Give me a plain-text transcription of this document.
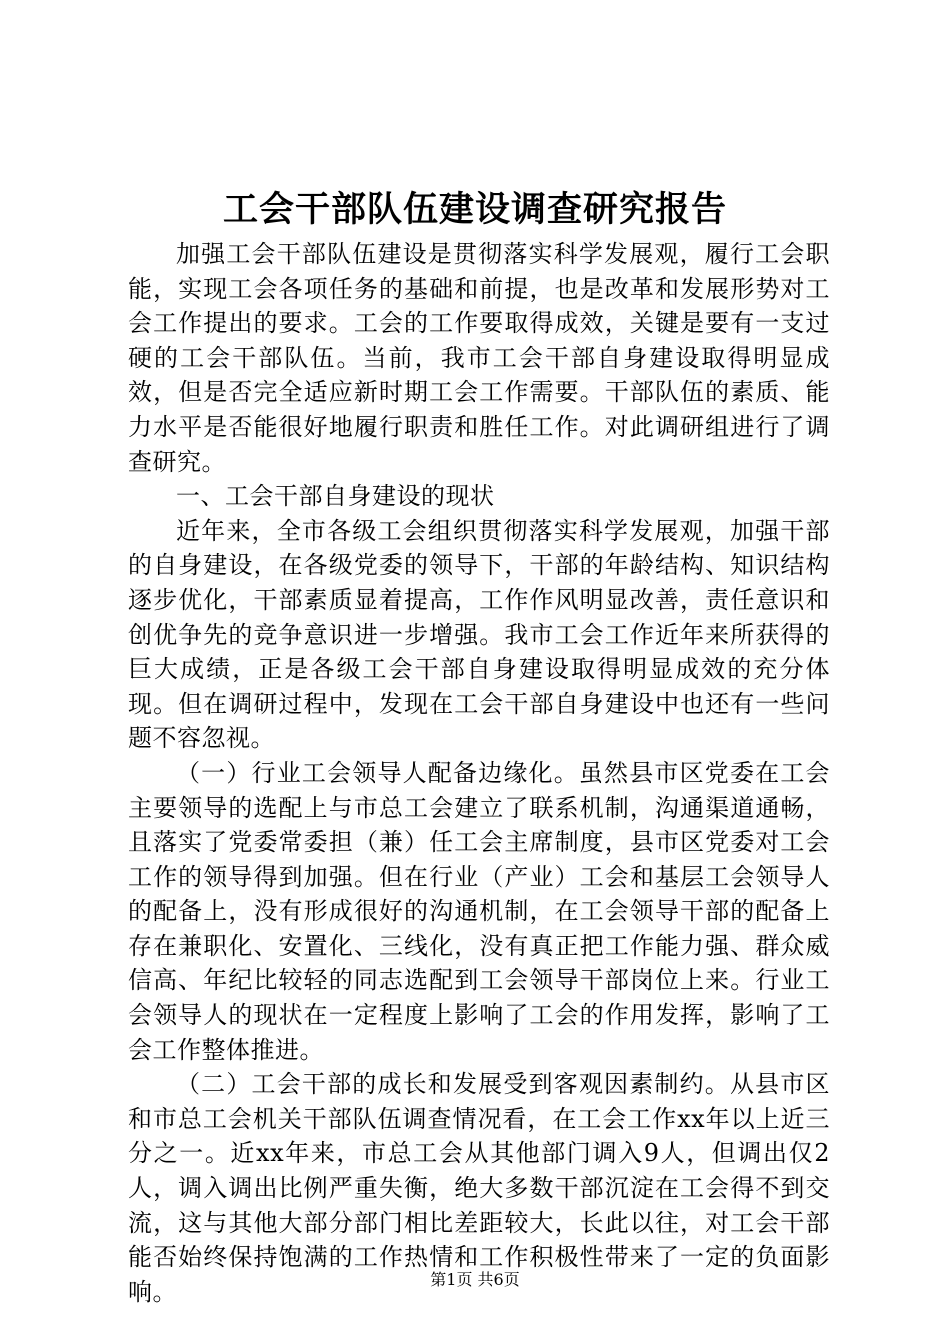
工会干部队伍建设调查研究报告

加强工会干部队伍建设是贯彻落实科学发展观，履行工会职能，实现工会各项任务的基础和前提，也是改革和发展形势对工会工作提出的要求。工会的工作要取得成效，关键是要有一支过硬的工会干部队伍。当前，我市工会干部自身建设取得明显成效，但是否完全适应新时期工会工作需要。干部队伍的素质、能力水平是否能很好地履行职责和胜任工作。对此调研组进行了调查研究。

一、工会干部自身建设的现状

近年来，全市各级工会组织贯彻落实科学发展观，加强干部的自身建设，在各级党委的领导下，干部的年龄结构、知识结构逐步优化，干部素质显着提高，工作作风明显改善，责任意识和创优争先的竞争意识进一步增强。我市工会工作近年来所获得的巨大成绩，正是各级工会干部自身建设取得明显成效的充分体现。但在调研过程中，发现在工会干部自身建设中也还有一些问题不容忽视。

（一）行业工会领导人配备边缘化。虽然县市区党委在工会主要领导的选配上与市总工会建立了联系机制，沟通渠道通畅，且落实了党委常委担（兼）任工会主席制度，县市区党委对工会工作的领导得到加强。但在行业（产业）工会和基层工会领导人的配备上，没有形成很好的沟通机制，在工会领导干部的配备上存在兼职化、安置化、三线化，没有真正把工作能力强、群众威信高、年纪比较轻的同志选配到工会领导干部岗位上来。行业工会领导人的现状在一定程度上影响了工会的作用发挥，影响了工会工作整体推进。

（二）工会干部的成长和发展受到客观因素制约。从县市区和市总工会机关干部队伍调查情况看，在工会工作xx年以上近三分之一。近xx年来，市总工会从其他部门调入9人，但调出仅2人，调入调出比例严重失衡，绝大多数干部沉淀在工会得不到交流，这与其他大部分部门相比差距较大，长此以往，对工会干部能否始终保持饱满的工作热情和工作积极性带来了一定的负面影响。	第1页 共6页
